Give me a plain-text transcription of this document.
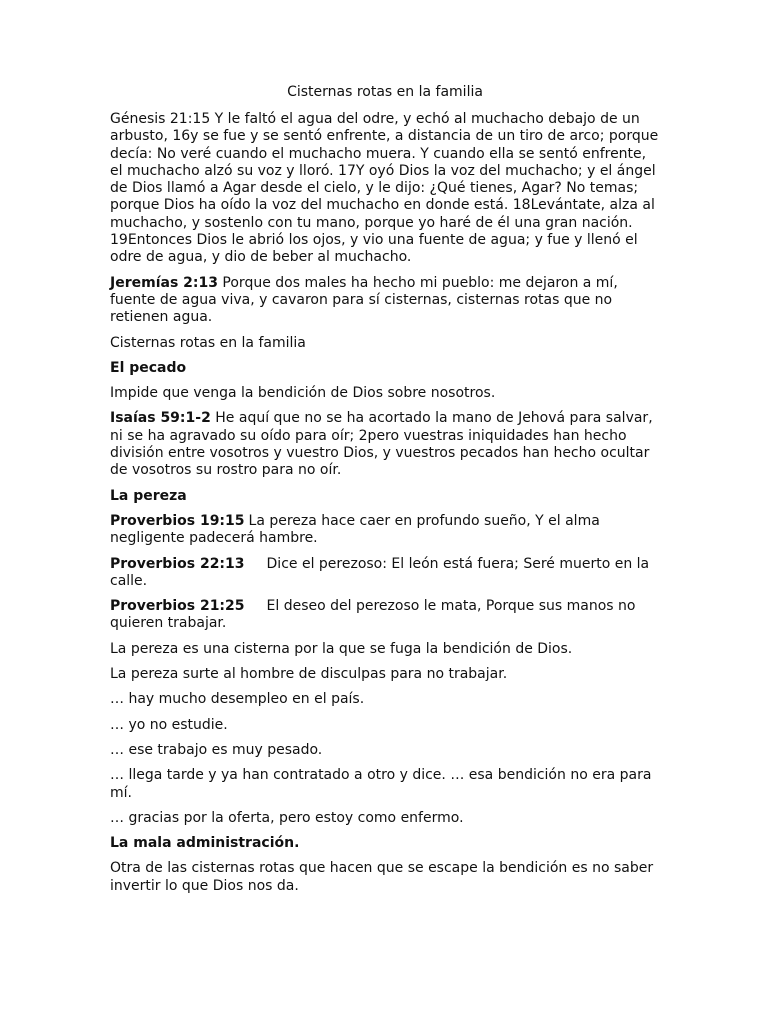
Cisternas rotas en la familia

Génesis 21:15 Y le faltó el agua del odre, y echó al muchacho debajo de un arbusto, 16y se fue y se sentó enfrente, a distancia de un tiro de arco; porque decía: No veré cuando el muchacho muera. Y cuando ella se sentó enfrente, el muchacho alzó su voz y lloró. 17Y oyó Dios la voz del muchacho; y el ángel de Dios llamó a Agar desde el cielo, y le dijo: ¿Qué tienes, Agar? No temas; porque Dios ha oído la voz del muchacho en donde está. 18Levántate, alza al muchacho, y sostenlo con tu mano, porque yo haré de él una gran nación. 19Entonces Dios le abrió los ojos, y vio una fuente de agua; y fue y llenó el odre de agua, y dio de beber al muchacho.

Jeremías 2:13 Porque dos males ha hecho mi pueblo: me dejaron a mí, fuente de agua viva, y cavaron para sí cisternas, cisternas rotas que no retienen agua.

Cisternas rotas en la familia

El pecado

Impide que venga la bendición de Dios sobre nosotros.

Isaías 59:1-2 He aquí que no se ha acortado la mano de Jehová para salvar, ni se ha agravado su oído para oír; 2pero vuestras iniquidades han hecho división entre vosotros y vuestro Dios, y vuestros pecados han hecho ocultar de vosotros su rostro para no oír.

La pereza

Proverbios 19:15 La pereza hace caer en profundo sueño, Y el alma negligente padecerá hambre.

Proverbios 22:13 Dice el perezoso: El león está fuera; Seré muerto en la calle.

Proverbios 21:25 El deseo del perezoso le mata, Porque sus manos no quieren trabajar.

La pereza es una cisterna por la que se fuga la bendición de Dios.

La pereza surte al hombre de disculpas para no trabajar.

… hay mucho desempleo en el país.

… yo no estudie.

… ese trabajo es muy pesado.

… llega tarde y ya han contratado a otro y dice. … esa bendición no era para mí.

… gracias por la oferta, pero estoy como enfermo.

La mala administración.

Otra de las cisternas rotas que hacen que se escape la bendición es no saber invertir lo que Dios nos da.
